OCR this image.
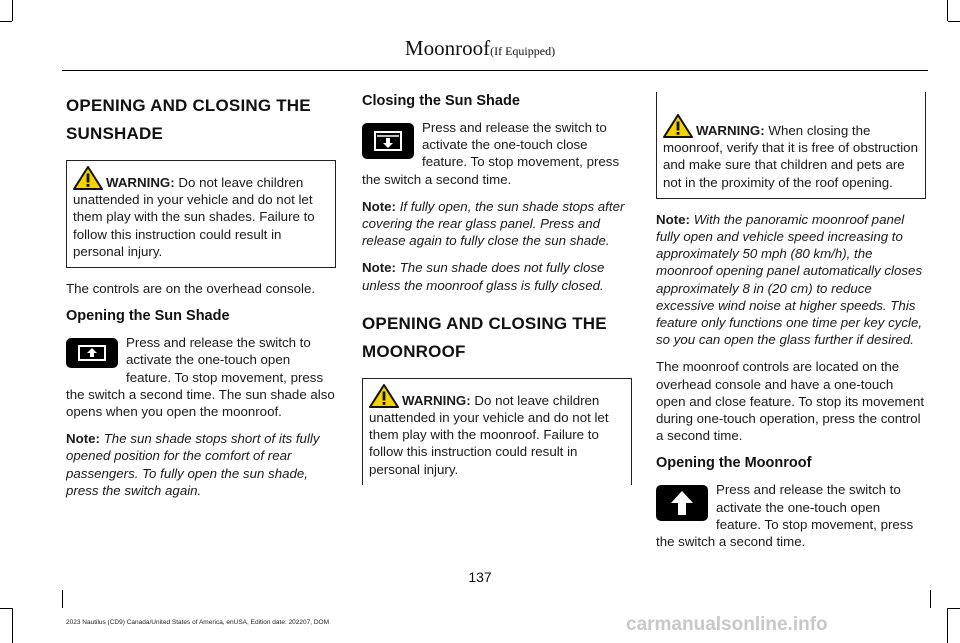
Moonroof(If Equipped)
OPENING AND CLOSING THE
SUNSHADE
WARNING: Do not leave children unattended in your vehicle and do not let them play with the sun shades. Failure to follow this instruction could result in personal injury.

The controls are on the overhead console.

Opening the Sun Shade
Press and release the switch to activate the one-touch open feature. To stop movement, press the switch a second time. The sun shade also opens when you open the moonroof.

Note: The sun shade stops short of its fully opened position for the comfort of rear passengers. To fully open the sun shade, press the switch again.

Closing the Sun Shade
Press and release the switch to activate the one-touch close feature. To stop movement, press the switch a second time.

Note: If fully open, the sun shade stops after covering the rear glass panel. Press and release again to fully close the sun shade.

Note: The sun shade does not fully close unless the moonroof glass is fully closed.

OPENING AND CLOSING THE
MOONROOF
WARNING: Do not leave children unattended in your vehicle and do not let them play with the moonroof. Failure to follow this instruction could result in personal injury.
WARNING: When closing the moonroof, verify that it is free of obstruction and make sure that children and pets are not in the proximity of the roof opening.

Note: With the panoramic moonroof panel fully open and vehicle speed increasing to approximately 50 mph (80 km/h), the moonroof opening panel automatically closes approximately 8 in (20 cm) to reduce excessive wind noise at higher speeds. This feature only functions one time per key cycle, so you can open the glass further if desired.

The moonroof controls are located on the overhead console and have a one-touch open and close feature. To stop its movement during one-touch operation, press the control a second time.

Opening the Moonroof
Press and release the switch to activate the one-touch open feature. To stop movement, press the switch a second time.
137
2023 Nautilus (CD9) Canada/United States of America, enUSA, Edition date: 202207, DOM	carmanualsonline.info
